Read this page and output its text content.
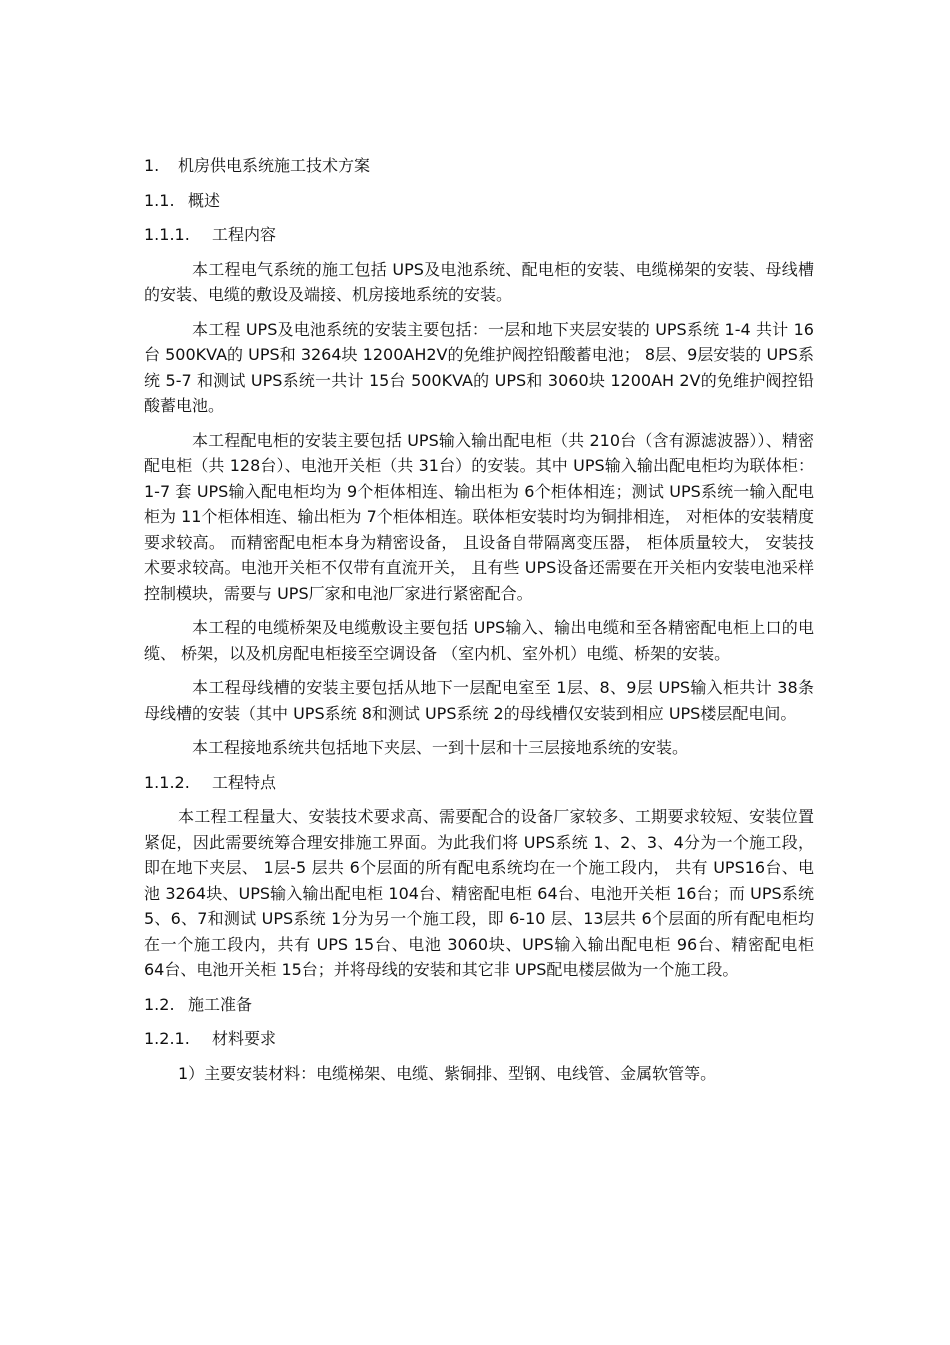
1. 机房供电系统施工技术方案
1.1. 概述
1.1.1. 工程内容

本工程电气系统的施工包括 UPS及电池系统、配电柜的安装、电缆梯架的安装、母线槽的安装、电缆的敷设及端接、机房接地系统的安装。

本工程 UPS及电池系统的安装主要包括：一层和地下夹层安装的 UPS系统 1-4 共计 16台 500KVA的 UPS和 3264块 1200AH2V的免维护阀控铅酸蓄电池； 8层、9层安装的 UPS系统 5-7 和测试 UPS系统一共计 15台 500KVA的 UPS和 3060块 1200AH 2V的免维护阀控铅酸蓄电池。

本工程配电柜的安装主要包括 UPS输入输出配电柜（共 210台（含有源滤波器））、精密配电柜（共 128台）、电池开关柜（共 31台）的安装。其中 UPS输入输出配电柜均为联体柜： 1-7 套 UPS输入配电柜均为 9个柜体相连、输出柜为 6个柜体相连；测试 UPS系统一输入配电柜为 11个柜体相连、输出柜为 7个柜体相连。联体柜安装时均为铜排相连， 对柜体的安装精度要求较高。 而精密配电柜本身为精密设备， 且设备自带隔离变压器， 柜体质量较大， 安装技术要求较高。电池开关柜不仅带有直流开关， 且有些 UPS设备还需要在开关柜内安装电池采样控制模块，需要与 UPS厂家和电池厂家进行紧密配合。

本工程的电缆桥架及电缆敷设主要包括 UPS输入、输出电缆和至各精密配电柜上口的电缆、 桥架，以及机房配电柜接至空调设备 （室内机、室外机）电缆、桥架的安装。

本工程母线槽的安装主要包括从地下一层配电室至 1层、8、9层 UPS输入柜共计 38条母线槽的安装（其中 UPS系统 8和测试 UPS系统 2的母线槽仅安装到相应 UPS楼层配电间。

本工程接地系统共包括地下夹层、一到十层和十三层接地系统的安装。

1.1.2. 工程特点

本工程工程量大、安装技术要求高、需要配合的设备厂家较多、工期要求较短、安装位置紧促，因此需要统筹合理安排施工界面。为此我们将 UPS系统 1、2、3、4分为一个施工段，即在地下夹层、 1层-5 层共 6个层面的所有配电系统均在一个施工段内， 共有 UPS16台、电池 3264块、UPS输入输出配电柜 104台、精密配电柜 64台、电池开关柜 16台；而 UPS系统 5、6、7和测试 UPS系统 1分为另一个施工段，即 6-10 层、13层共 6个层面的所有配电柜均在一个施工段内，共有 UPS 15台、电池 3060块、UPS输入输出配电柜 96台、精密配电柜 64台、电池开关柜 15台；并将母线的安装和其它非 UPS配电楼层做为一个施工段。

1.2. 施工准备
1.2.1. 材料要求
1）主要安装材料：电缆梯架、电缆、紫铜排、型钢、电线管、金属软管等。
